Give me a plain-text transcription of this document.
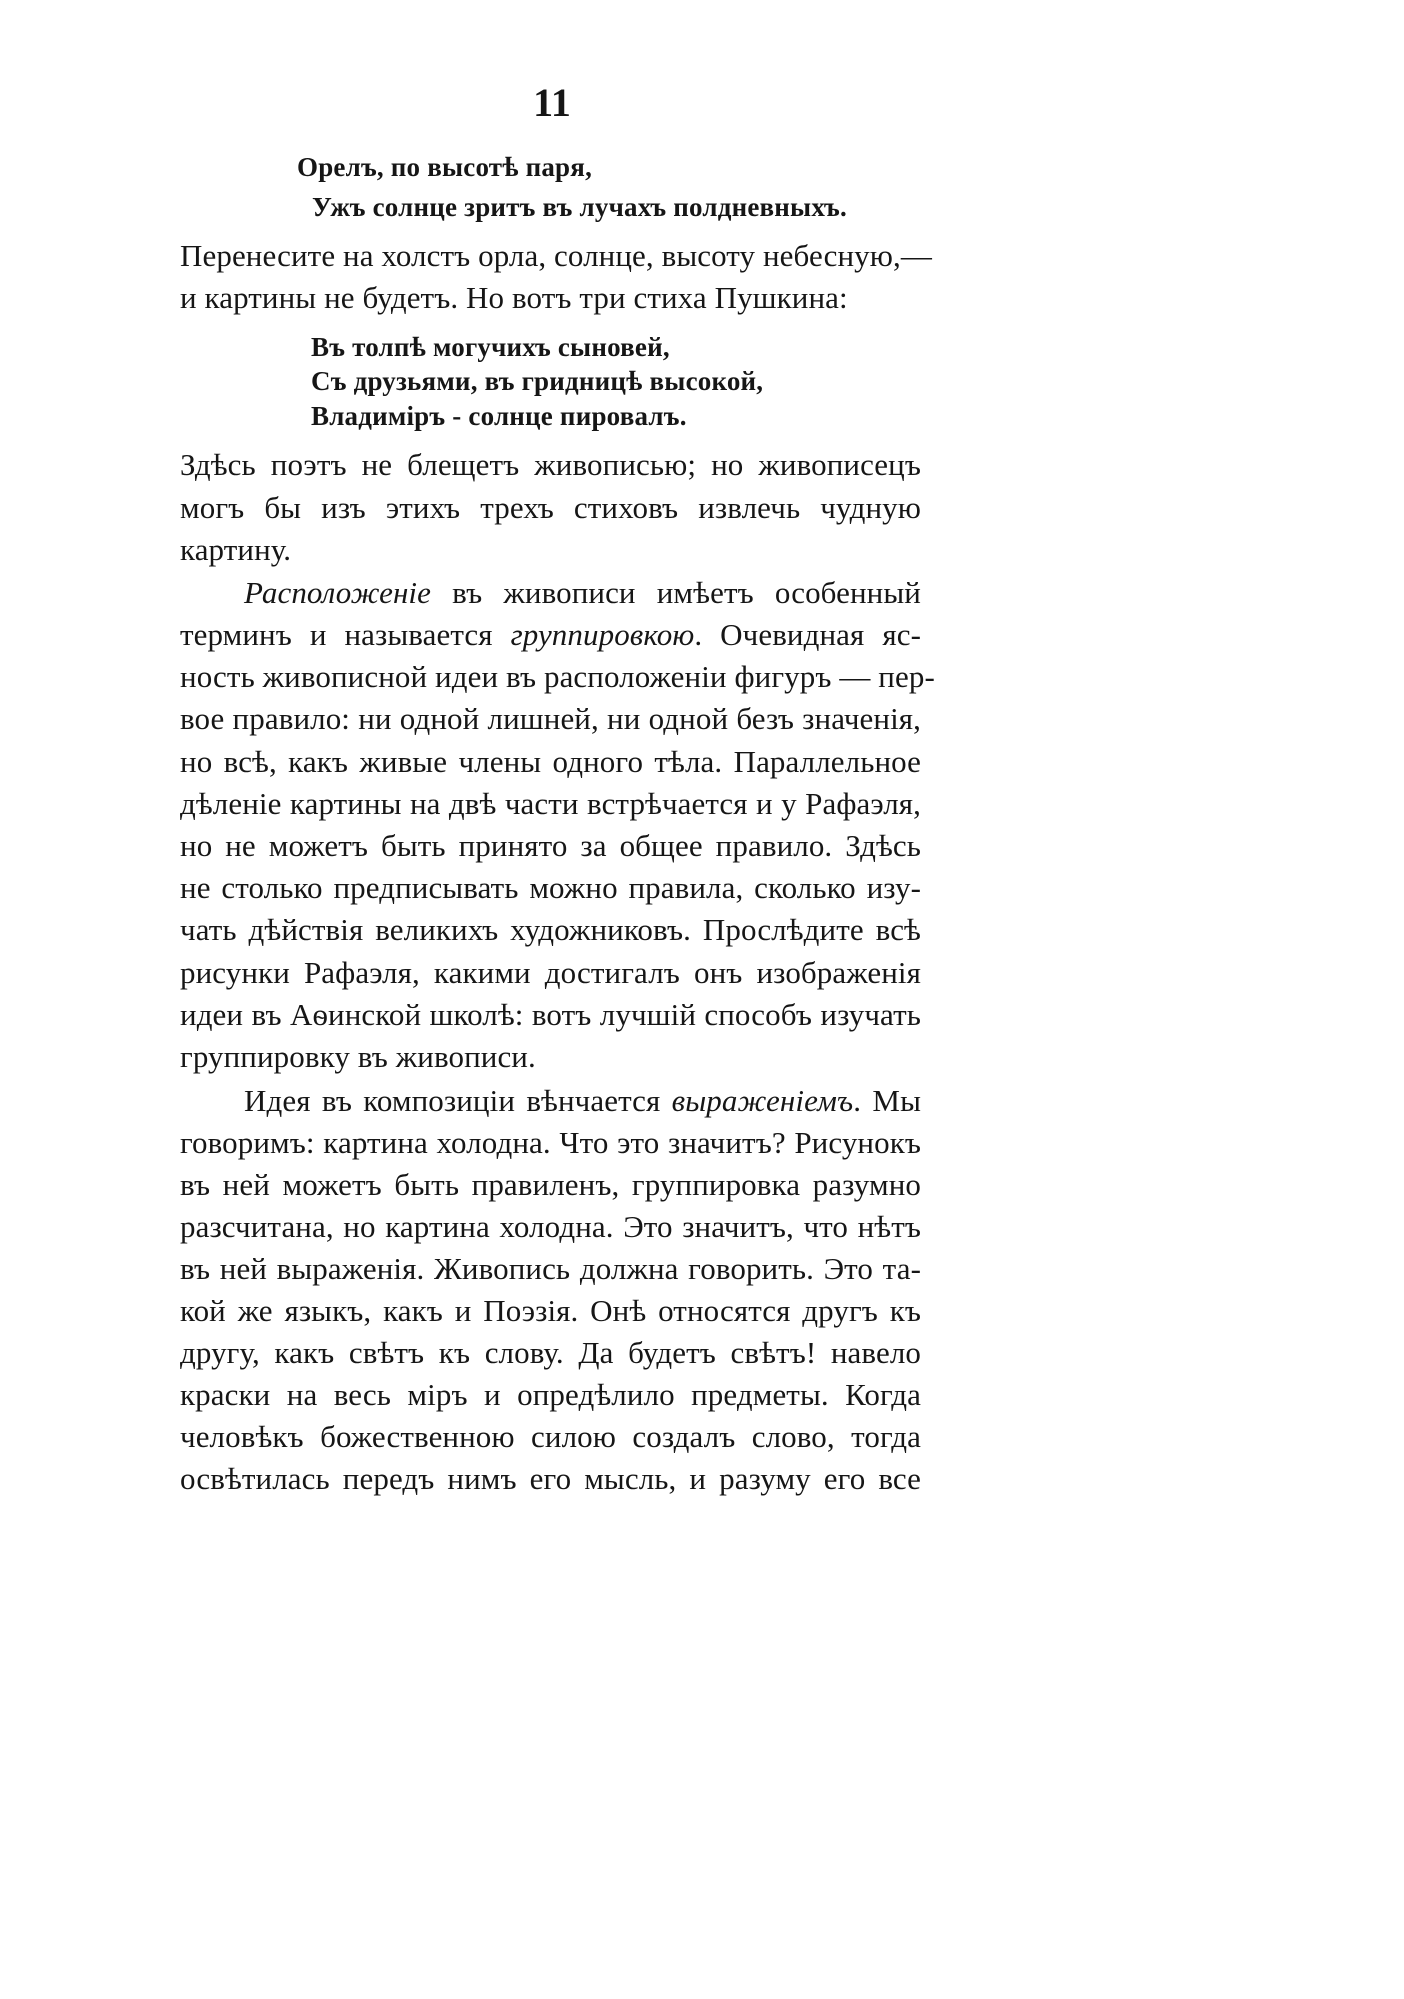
11
Орелъ, по высотѣ паря,
Ужъ солнце зритъ въ лучахъ полдневныхъ.
Перенесите на холстъ орла, солнце, высоту небесную,—
и картины не будетъ. Но вотъ три стиха Пушкина:
Въ толпѣ могучихъ сыновей,
Съ друзьями, въ гридницѣ высокой,
Владиміръ - солнце пировалъ.
Здѣсь поэтъ не блещетъ живописью; но живописецъ
могъ бы изъ этихъ трехъ стиховъ извлечь чудную
картину.
Расположеніе въ живописи имѣетъ особенный
терминъ и называется группировкою. Очевидная яс-
ность живописной идеи въ расположеніи фигуръ — пер-
вое правило: ни одной лишней, ни одной безъ значенія,
но всѣ, какъ живые члены одного тѣла. Параллельное
дѣленіе картины на двѣ части встрѣчается и у Рафаэля,
но не можетъ быть принято за общее правило. Здѣсь
не столько предписывать можно правила, сколько изу-
чать дѣйствія великихъ художниковъ. Прослѣдите всѣ
рисунки Рафаэля, какими достигалъ онъ изображенія
идеи въ Аѳинской школѣ: вотъ лучшій способъ изучать
группировку въ живописи.
Идея въ композиціи вѣнчается выраженіемъ. Мы
говоримъ: картина холодна. Что это значитъ? Рисунокъ
въ ней можетъ быть правиленъ, группировка разумно
разсчитана, но картина холодна. Это значитъ, что нѣтъ
въ ней выраженія. Живопись должна говорить. Это та-
кой же языкъ, какъ и Поэзія. Онѣ относятся другъ къ
другу, какъ свѣтъ къ слову. Да будетъ свѣтъ! навело
краски на весь міръ и опредѣлило предметы. Когда
человѣкъ божественною силою создалъ слово, тогда
освѣтилась передъ нимъ его мысль, и разуму его все
